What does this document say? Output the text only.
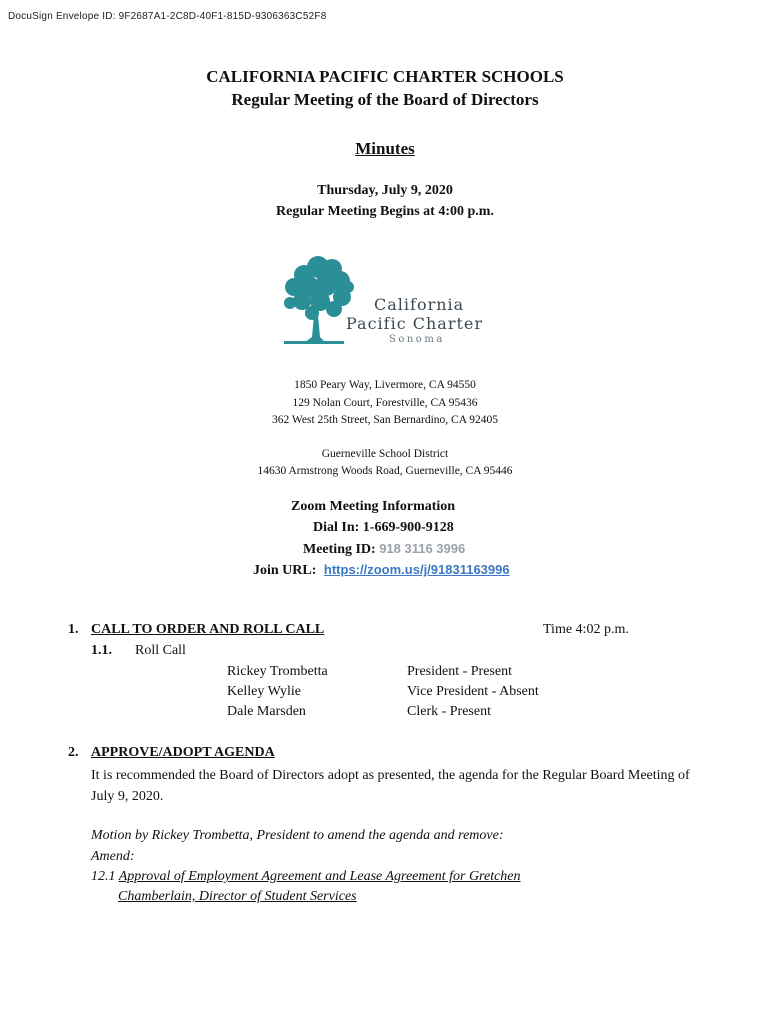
DocuSign Envelope ID: 9F2687A1-2C8D-40F1-815D-9306363C52F8
CALIFORNIA PACIFIC CHARTER SCHOOLS
Regular Meeting of the Board of Directors
Minutes
Thursday, July 9, 2020
Regular Meeting Begins at 4:00 p.m.
California
Pacific Charter
Sonoma
1850 Peary Way, Livermore, CA 94550
129 Nolan Court, Forestville, CA 95436
362 West 25th Street, San Bernardino, CA 92405
Guerneville School District
14630 Armstrong Woods Road, Guerneville, CA 95446
Zoom Meeting Information
Dial In: 1-669-900-9128
Meeting ID: 918 3116 3996
Join URL: https://zoom.us/j/91831163996
1. CALL TO ORDER AND ROLL CALL	Time 4:02 p.m.
1.1. Roll Call
Rickey Trombetta	President - Present
Kelley Wylie	Vice President - Absent
Dale Marsden	Clerk - Present
2. APPROVE/ADOPT AGENDA
It is recommended the Board of Directors adopt as presented, the agenda for the Regular Board Meeting of July 9, 2020.
Motion by Rickey Trombetta, President to amend the agenda and remove:
Amend:
12.1 Approval of Employment Agreement and Lease Agreement for Gretchen
Chamberlain, Director of Student Services
